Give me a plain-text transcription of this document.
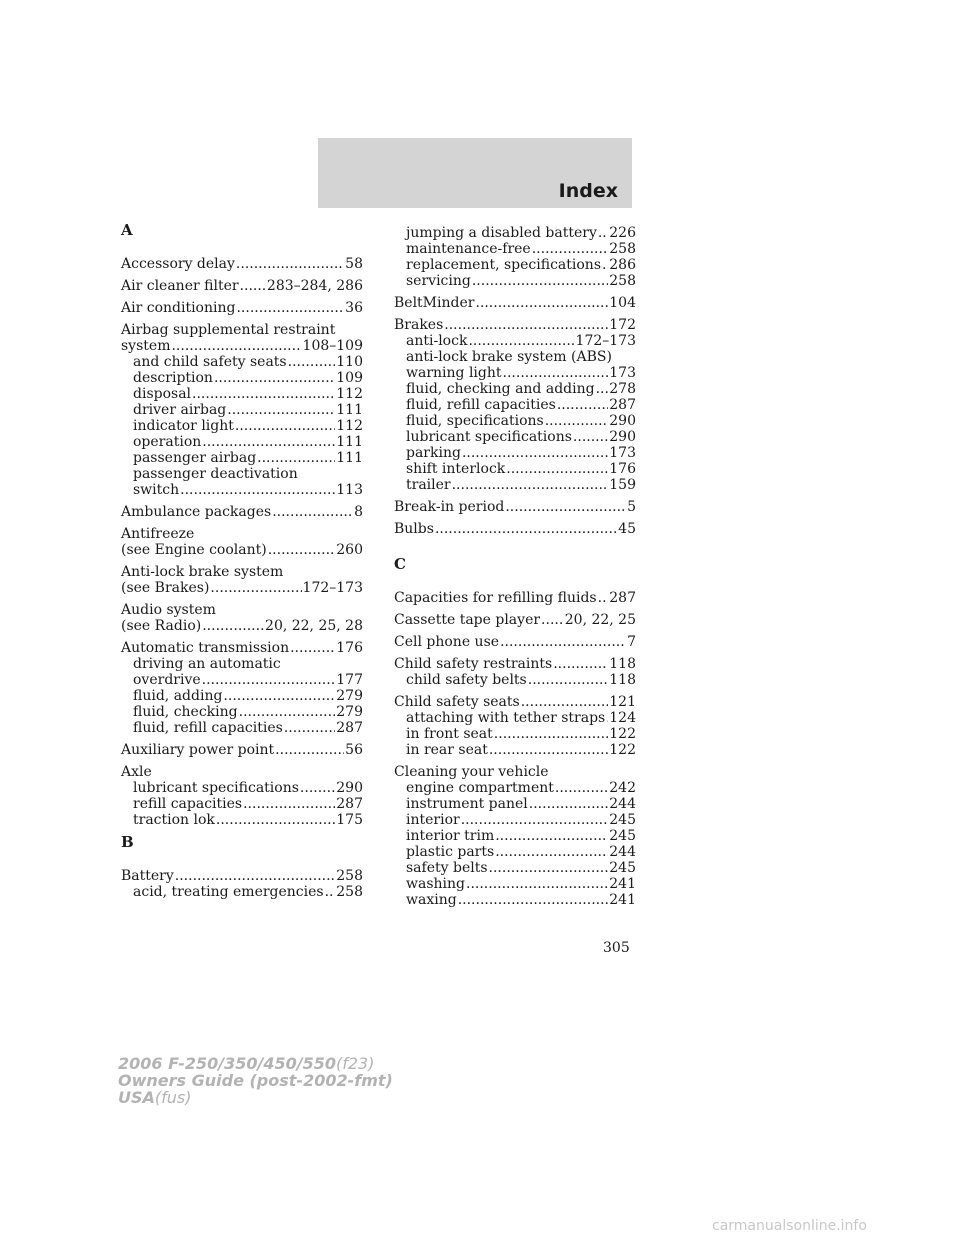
Index
A
Accessory delay .....	58
Air cleaner filter ..... 283–284, 286
Air conditioning .....	36
Airbag supplemental restraint
system .....	108–109
and child safety seats .....	110
description .....	109
disposal .....	112
driver airbag .....	111
indicator light .....	112
operation .....	111
passenger airbag .....	111
passenger deactivation
switch .....	113
Ambulance packages .....	8
Antifreeze
(see Engine coolant) .....	260
Anti-lock brake system
(see Brakes) .....	172–173
Audio system
(see Radio) .....	20, 22, 25, 28
Automatic transmission .....	176
driving an automatic
overdrive .....	177
fluid, adding .....	279
fluid, checking .....	279
fluid, refill capacities .....	287
Auxiliary power point .....	56
Axle
lubricant specifications .....	290
refill capacities .....	287
traction lok .....	175
B
Battery .....	258
acid, treating emergencies ..... 258
jumping a disabled battery ..... 226
maintenance-free .....	258
replacement, specifications ..... 286
servicing .....	258
BeltMinder .....	104
Brakes .....	172
anti-lock .....	172–173
anti-lock brake system (ABS)
warning light .....	173
fluid, checking and adding ..... 278
fluid, refill capacities .....	287
fluid, specifications .....	290
lubricant specifications .....	290
parking .....	173
shift interlock .....	176
trailer .....	159
Break-in period .....	5
Bulbs .....	45
C
Capacities for refilling fluids ..... 287
Cassette tape player ..... 20, 22, 25
Cell phone use .....	7
Child safety restraints .....	118
child safety belts .....	118
Child safety seats .....	121
attaching with tether straps ..... 124
in front seat .....	122
in rear seat .....	122
Cleaning your vehicle
engine compartment .....	242
instrument panel .....	244
interior .....	245
interior trim .....	245
plastic parts .....	244
safety belts .....	245
washing .....	241
waxing .....	241
305
2006 F-250/350/450/550(f23)
Owners Guide (post-2002-fmt)
USA(fus)
carmanualsonline.info
